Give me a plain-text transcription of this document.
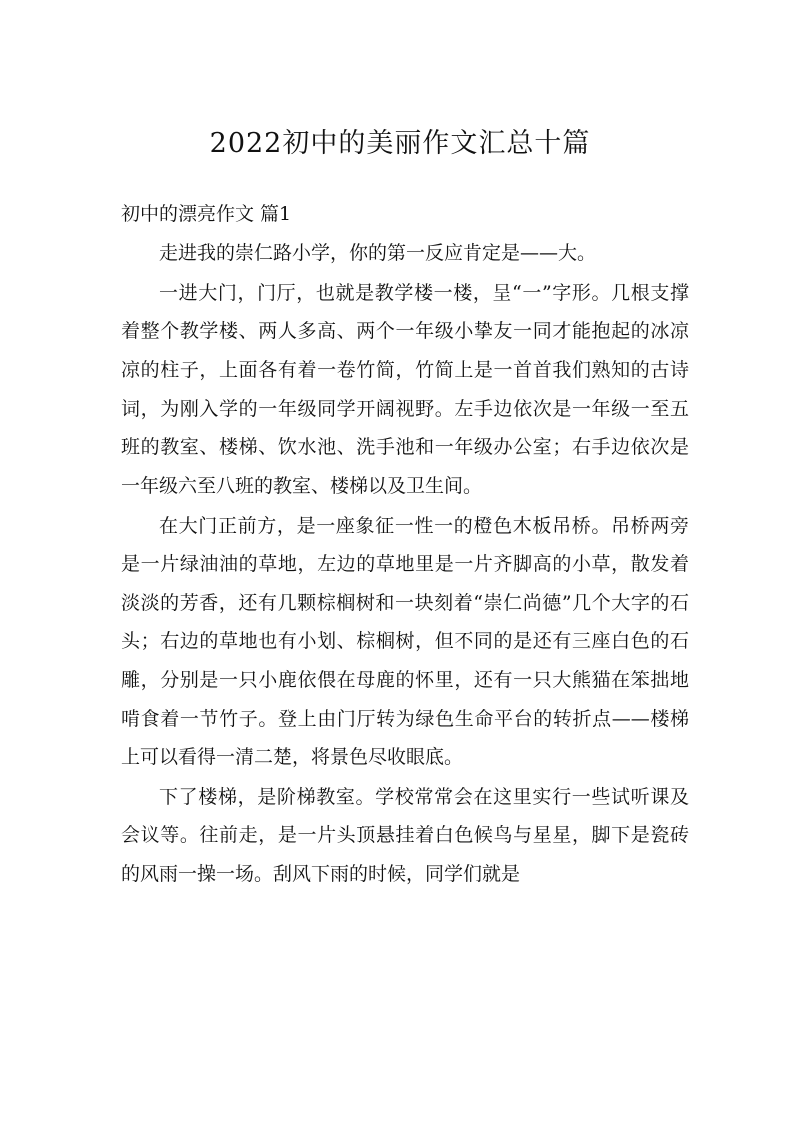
2022初中的美丽作文汇总十篇

初中的漂亮作文 篇1

走进我的崇仁路小学，你的第一反应肯定是——大。

一进大门，门厅，也就是教学楼一楼，呈“一”字形。几根支撑着整个教学楼、两人多高、两个一年级小挚友一同才能抱起的冰凉凉的柱子，上面各有着一卷竹简，竹简上是一首首我们熟知的古诗词，为刚入学的一年级同学开阔视野。左手边依次是一年级一至五班的教室、楼梯、饮水池、洗手池和一年级办公室；右手边依次是一年级六至八班的教室、楼梯以及卫生间。

在大门正前方，是一座象征一性一的橙色木板吊桥。吊桥两旁是一片绿油油的草地，左边的草地里是一片齐脚高的小草，散发着淡淡的芳香，还有几颗棕榈树和一块刻着“崇仁尚德”几个大字的石头；右边的草地也有小划、棕榈树，但不同的是还有三座白色的石雕，分别是一只小鹿依偎在母鹿的怀里，还有一只大熊猫在笨拙地啃食着一节竹子。登上由门厅转为绿色生命平台的转折点——楼梯上可以看得一清二楚，将景色尽收眼底。

下了楼梯，是阶梯教室。学校常常会在这里实行一些试听课及会议等。往前走，是一片头顶悬挂着白色候鸟与星星，脚下是瓷砖的风雨一操一场。刮风下雨的时候，同学们就是
